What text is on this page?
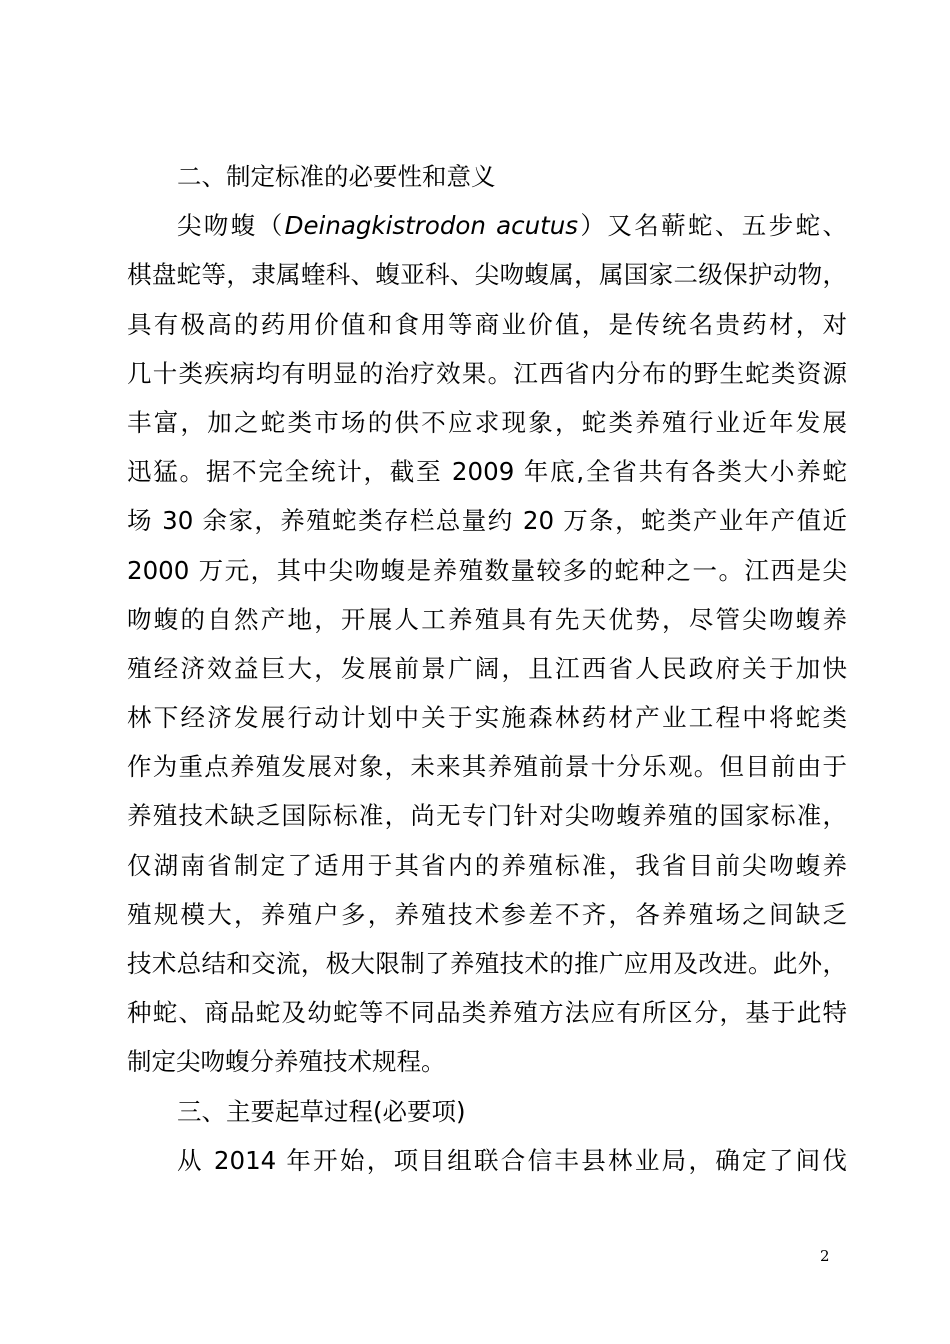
二、制定标准的必要性和意义
尖吻蝮（Deinagkistrodon acutus）又名蕲蛇、五步蛇、
棋盘蛇等，隶属蝰科、蝮亚科、尖吻蝮属，属国家二级保护动物，
具有极高的药用价值和食用等商业价值，是传统名贵药材，对
几十类疾病均有明显的治疗效果。江西省内分布的野生蛇类资源
丰富，加之蛇类市场的供不应求现象，蛇类养殖行业近年发展
迅猛。据不完全统计，截至 2009 年底,全省共有各类大小养蛇
场 30 余家，养殖蛇类存栏总量约 20 万条，蛇类产业年产值近
2000 万元，其中尖吻蝮是养殖数量较多的蛇种之一。江西是尖
吻蝮的自然产地，开展人工养殖具有先天优势，尽管尖吻蝮养
殖经济效益巨大，发展前景广阔，且江西省人民政府关于加快
林下经济发展行动计划中关于实施森林药材产业工程中将蛇类
作为重点养殖发展对象，未来其养殖前景十分乐观。但目前由于
养殖技术缺乏国际标准，尚无专门针对尖吻蝮养殖的国家标准，
仅湖南省制定了适用于其省内的养殖标准，我省目前尖吻蝮养
殖规模大，养殖户多，养殖技术参差不齐，各养殖场之间缺乏
技术总结和交流，极大限制了养殖技术的推广应用及改进。此外，
种蛇、商品蛇及幼蛇等不同品类养殖方法应有所区分，基于此特
制定尖吻蝮分养殖技术规程。
三、主要起草过程(必要项)
从 2014 年开始，项目组联合信丰县林业局，确定了间伐
2
